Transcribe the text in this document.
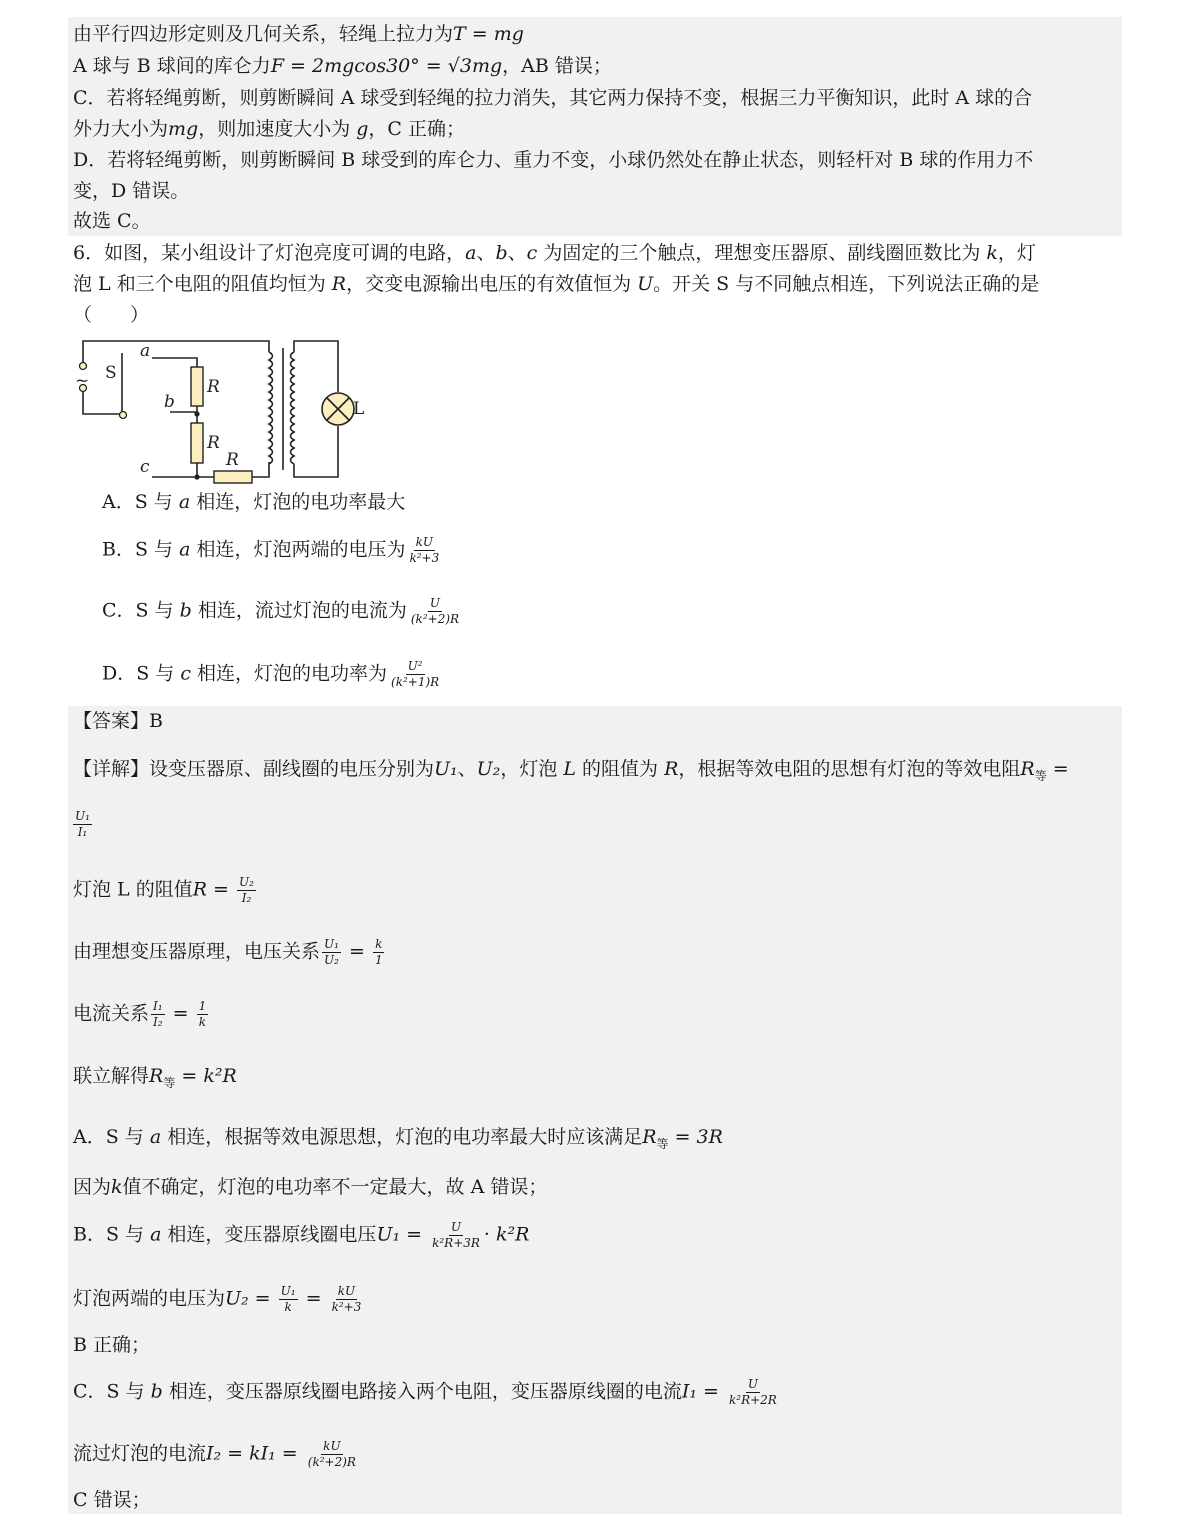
由平行四边形定则及几何关系，轻绳上拉力为T = mg
A 球与 B 球间的库仑力F = 2mgcos30° = √3mg，AB 错误；
C．若将轻绳剪断，则剪断瞬间 A 球受到轻绳的拉力消失，其它两力保持不变，根据三力平衡知识，此时 A 球的合
外力大小为mg，则加速度大小为 g，C 正确；
D．若将轻绳剪断，则剪断瞬间 B 球受到的库仑力、重力不变，小球仍然处在静止状态，则轻杆对 B 球的作用力不
变，D 错误。
故选 C。
6．如图，某小组设计了灯泡亮度可调的电路，a、b、c 为固定的三个触点，理想变压器原、副线圈匝数比为 k，灯
泡 L 和三个电阻的阻值均恒为 R，交变电源输出电压的有效值恒为 U。开关 S 与不同触点相连，下列说法正确的是
（　　）
~ S
a
b
c
R
R
R
L
A．S 与 a 相连，灯泡的电功率最大
B．S 与 a 相连，灯泡两端的电压为 $\frac{kU}{\text{k²+3}}$
C．S 与 b 相连，流过灯泡的电流为 $\frac{U}{\text{(k²+2)R}}$
D．S 与 c 相连，灯泡的电功率为 $\frac{\text{U²}}{\text{(k²+1)R}}$
【答案】B
【详解】设变压器原、副线圈的电压分别为U₁、U₂，灯泡 L 的阻值为 R，根据等效电阻的思想有灯泡的等效电阻$R_等$ =
$\frac{\text{U₁}}{\text{I₁}}$
灯泡 L 的阻值$R = \frac{\text{U₂}}{\text{I₂}}$
由理想变压器原理，电压关系 $\frac{\text{U₁}}{\text{U₂}} = \frac{k}{1}$
电流关系 $\frac{\text{I₁}}{\text{I₂}} = \frac{1}{k}$
联立解得$R_等 = k^2R$
A．S 与 a 相连，根据等效电源思想，灯泡的电功率最大时应该满足$R_等 = 3R$
因为k值不确定，灯泡的电功率不一定最大，故 A 错误；
B．S 与 a 相连，变压器原线圈电压$U_1 = \frac{U}{\text{k²R+3R}} \cdot k^2R$
灯泡两端的电压为$U_2 = \frac{\text{U₁}}{k} = \frac{kU}{\text{k²+3}}$
B 正确；
C．S 与 b 相连，变压器原线圈电路接入两个电阻，变压器原线圈的电流$I_1 = \frac{U}{\text{k²R+2R}}$
流过灯泡的电流$I_2 = kI_1 = \frac{kU}{\text{(k²+2)R}}$
C 错误；
